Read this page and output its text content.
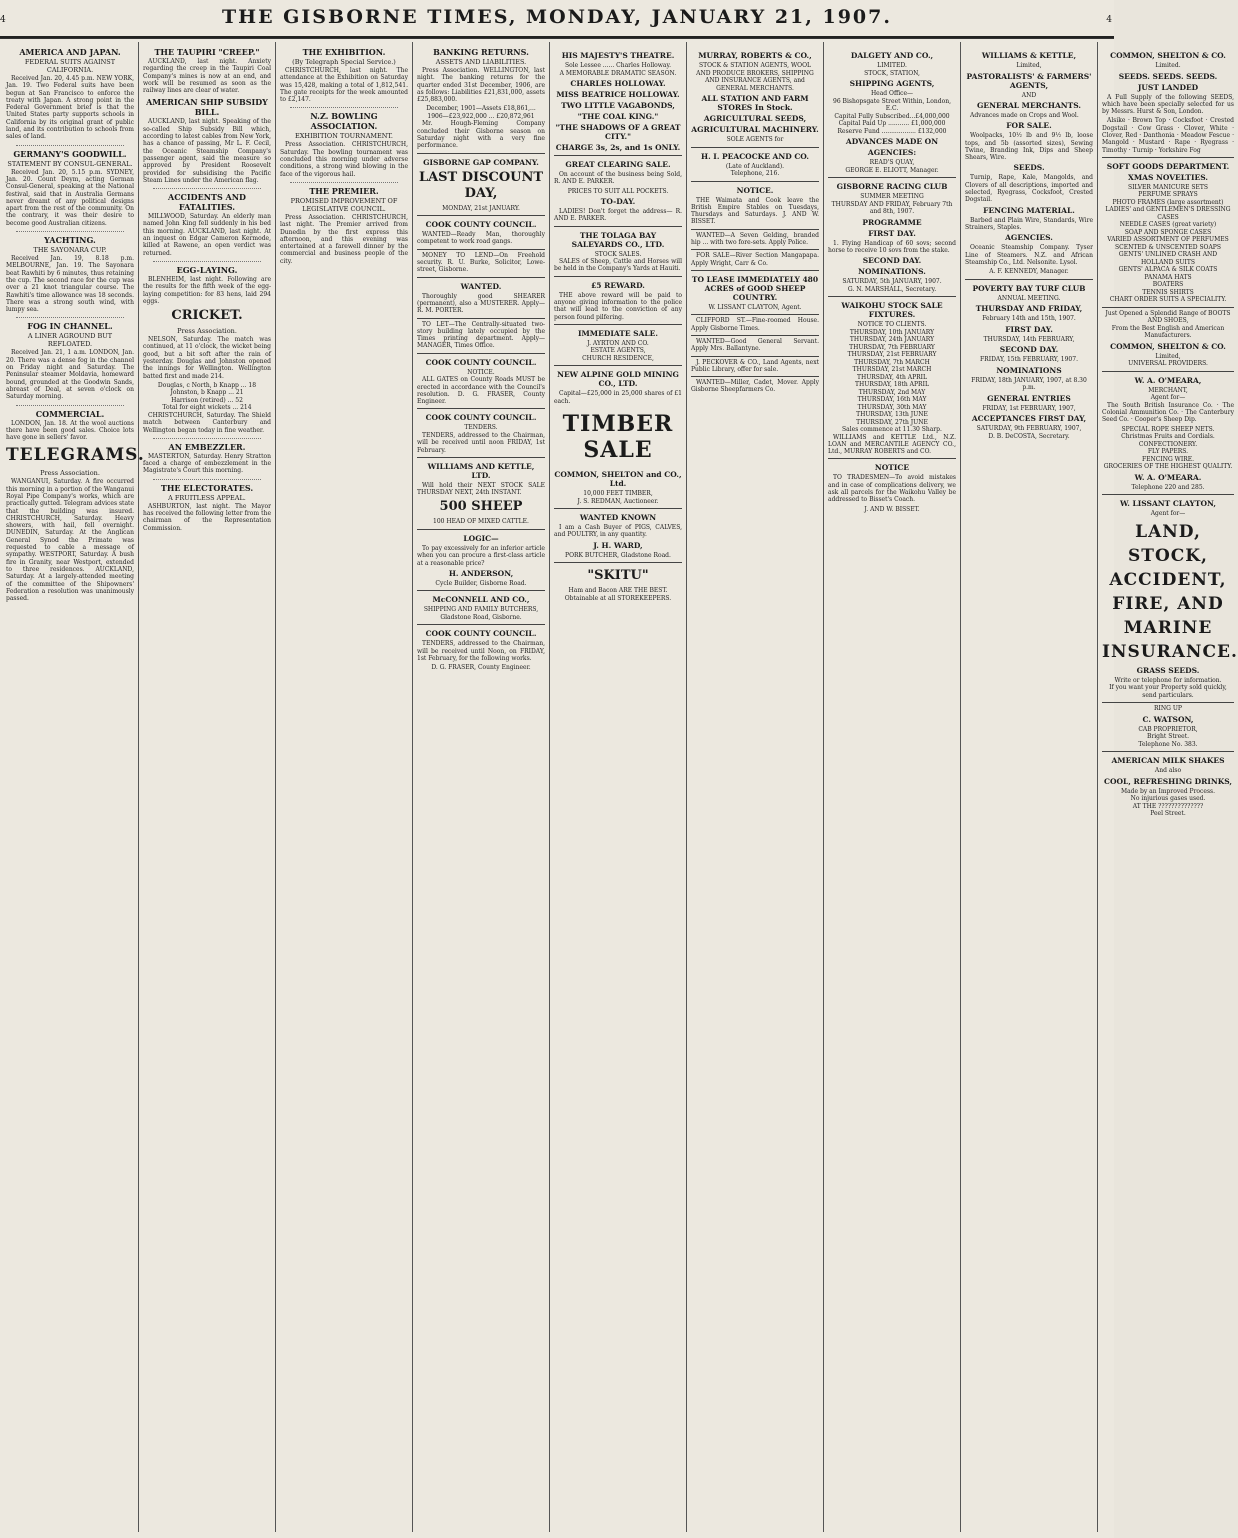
4	THE GISBORNE TIMES, MONDAY, JANUARY 21, 1907.	4
AMERICA AND JAPAN.
FEDERAL SUITS AGAINST CALIFORNIA.

Received Jan. 20, 4.45 p.m. NEW YORK, Jan. 19. Two Federal suits have been begun at San Francisco to enforce the treaty with Japan. A strong point in the Federal Government brief is that the United States party supports schools in California by its original grant of public land, and its contribution to schools from sales of land.

GERMANY'S GOODWILL.
STATEMENT BY CONSUL-GENERAL.

Received Jan. 20, 5.15 p.m. SYDNEY, Jan. 20. Count Deym, acting German Consul-General, speaking at the National festival, said that in Australia Germans never dreamt of any political designs apart from the rest of the community. On the contrary, it was their desire to become good Australian citizens.

YACHTING.
THE SAYONARA CUP.

Received Jan. 19, 8.18 p.m. MELBOURNE, Jan. 19. The Sayonara beat Rawhiti by 6 minutes, thus retaining the cup. The second race for the cup was over a 21 knot triangular course. The Rawhiti's time allowance was 18 seconds. There was a strong south wind, with lumpy sea.

FOG IN CHANNEL.
A LINER AGROUND BUT REFLOATED.

Received Jan. 21, 1 a.m. LONDON, Jan. 20. There was a dense fog in the channel on Friday night and Saturday. The Peninsular steamer Moldavia, homeward bound, grounded at the Goodwin Sands, abreast of Deal, at seven o'clock on Saturday morning.

COMMERCIAL.

LONDON, Jan. 18. At the wool auctions there have been good sales. Choice lots have gone in sellers' favor.

TELEGRAMS.
Press Association.

WANGANUI, Saturday. A fire occurred this morning in a portion of the Wanganui Royal Pipe Company's works, which are practically gutted. Telegram advices state that the building was insured. CHRISTCHURCH, Saturday. Heavy showers, with hail, fell overnight. DUNEDIN, Saturday. At the Anglican General Synod the Primate was requested to cable a message of sympathy. WESTPORT, Saturday. A bush fire in Granity, near Westport, extended to three residences. AUCKLAND, Saturday. At a largely-attended meeting of the committee of the Shipowners' Federation a resolution was unanimously passed.

THE TAUPIRI "CREEP."

AUCKLAND, last night. Anxiety regarding the creep in the Taupiri Coal Company's mines is now at an end, and work will be resumed as soon as the railway lines are clear of water.

AMERICAN SHIP SUBSIDY BILL.

AUCKLAND, last night. Speaking of the so-called Ship Subsidy Bill which, according to latest cables from New York, has a chance of passing, Mr L. F. Cecil, the Oceanic Steamship Company's passenger agent, said the measure so approved by President Roosevelt provided for subsidising the Pacific Steam Lines under the American flag.

ACCIDENTS AND FATALITIES.

MILLWOOD, Saturday. An elderly man named John King fell suddenly in his bed this morning. AUCKLAND, last night. At an inquest on Edgar Cameron Kermode, killed at Rawene, an open verdict was returned.

EGG-LAYING.

BLENHEIM, last night. Following are the results for the fifth week of the egg-laying competition: for 83 hens, laid 294 eggs.

CRICKET.
Press Association.

NELSON, Saturday. The match was continued, at 11 o'clock, the wicket being good, but a bit soft after the rain of yesterday. Douglas and Johnston opened the innings for Wellington. Wellington batted first and made 214.

Douglas, c North, b Knapp ... 18
Johnston, b Knapp ... 21
Harrison (retired) ... 52
Total for eight wickets ... 214

CHRISTCHURCH, Saturday. The Shield match between Canterbury and Wellington began today in fine weather.

AN EMBEZZLER.

MASTERTON, Saturday. Henry Stratton faced a charge of embezzlement in the Magistrate's Court this morning.

THE ELECTORATES.
A FRUITLESS APPEAL.

ASHBURTON, last night. The Mayor has received the following letter from the chairman of the Representation Commission.

THE EXHIBITION.
(By Telegraph Special Service.)

CHRISTCHURCH, last night. The attendance at the Exhibition on Saturday was 15,428, making a total of 1,812,541. The gate receipts for the week amounted to £2,147.

N.Z. BOWLING ASSOCIATION.
EXHIBITION TOURNAMENT.

Press Association. CHRISTCHURCH, Saturday. The bowling tournament was concluded this morning under adverse conditions, a strong wind blowing in the face of the vigorous hail.

THE PREMIER.
PROMISED IMPROVEMENT OF LEGISLATIVE COUNCIL.

Press Association. CHRISTCHURCH, last night. The Premier arrived from Dunedin by the first express this afternoon, and this evening was entertained at a farewell dinner by the commercial and business people of the city.

BANKING RETURNS.
ASSETS AND LIABILITIES.

Press Association. WELLINGTON, last night. The banking returns for the quarter ended 31st December, 1906, are as follows: Liabilities £21,831,000, assets £25,883,000.

December, 1901—Assets £18,861,...
1906—£23,922,000 ... £20,872,961

Mr. Hough-Fleming Company concluded their Gisborne season on Saturday night with a very fine performance.

GISBORNE GAP COMPANY.
LAST DISCOUNT DAY,
MONDAY, 21st JANUARY.
COOK COUNTY COUNCIL.

WANTED—Ready Man, thoroughly competent to work road gangs.

MONEY TO LEND—On Freehold security. R. U. Burke, Solicitor, Lowe-street, Gisborne.

WANTED.

Thoroughly good SHEARER (permanent), also a MUSTERER. Apply— R. M. PORTER.

TO LET—The Centrally-situated two-story building lately occupied by the Times printing department. Apply— MANAGER, Times Office.

COOK COUNTY COUNCIL.
NOTICE.

ALL GATES on County Roads MUST be erected in accordance with the Council's resolution. D. G. FRASER, County Engineer.

COOK COUNTY COUNCIL.
TENDERS.

TENDERS, addressed to the Chairman, will be received until noon FRIDAY, 1st February.

WILLIAMS AND KETTLE, LTD.

Will hold their NEXT STOCK SALE THURSDAY NEXT, 24th INSTANT.

500 SHEEP
100 HEAD OF MIXED CATTLE.
LOGIC—

To pay excessively for an inferior article when you can procure a first-class article at a reasonable price?

H. ANDERSON,
Cycle Builder, Gisborne Road.
McCONNELL AND CO.,
SHIPPING AND FAMILY BUTCHERS,
Gladstone Road, Gisborne.
COOK COUNTY COUNCIL.

TENDERS, addressed to the Chairman, will be received until Noon, on FRIDAY, 1st February, for the following works.

D. G. FRASER, County Engineer.
HIS MAJESTY'S THEATRE.
Sole Lessee ...... Charles Holloway.
A MEMORABLE DRAMATIC SEASON.
CHARLES HOLLOWAY.
MISS BEATRICE HOLLOWAY.
TWO LITTLE VAGABONDS,
"THE COAL KING."
"THE SHADOWS OF A GREAT CITY."
CHARGE 3s, 2s, and 1s ONLY.
GREAT CLEARING SALE.

On account of the business being Sold, R. AND E. PARKER.

PRICES TO SUIT ALL POCKETS.
TO-DAY.

LADIES! Don't forget the address— R. AND E. PARKER.

THE TOLAGA BAY SALEYARDS CO., LTD.
STOCK SALES.

SALES of Sheep, Cattle and Horses will be held in the Company's Yards at Hauiti.

£5 REWARD.

THE above reward will be paid to anyone giving information to the police that will lead to the conviction of any person found pilfering.

IMMEDIATE SALE.
J. AYRTON AND CO.
ESTATE AGENTS,
CHURCH RESIDENCE,
NEW ALPINE GOLD MINING CO., LTD.

Capital—£25,000 in 25,000 shares of £1 each.

TIMBER SALE
COMMON, SHELTON and CO., Ltd.
10,000 FEET TIMBER,
J. S. REDMAN, Auctioneer.
WANTED KNOWN

I am a Cash Buyer of PIGS, CALVES, and POULTRY, in any quantity.

J. H. WARD,
PORK BUTCHER, Gladstone Road.
"SKITU"
Ham and Bacon ARE THE BEST.
Obtainable at all STOREKEEPERS.
MURRAY, ROBERTS & CO.,
STOCK & STATION AGENTS, WOOL AND PRODUCE BROKERS, SHIPPING AND INSURANCE AGENTS, and GENERAL MERCHANTS.
ALL STATION AND FARM STORES In Stock.
AGRICULTURAL SEEDS,
AGRICULTURAL MACHINERY.
SOLE AGENTS for
H. I. PEACOCKE AND CO.
(Late of Auckland).
Telephone, 216.
NOTICE.

THE Waimata and Cook leave the British Empire Stables on Tuesdays, Thursdays and Saturdays. J. AND W. BISSET.

WANTED—A Seven Gelding, branded hip ... with two fore-sets. Apply Police.

FOR SALE—River Section Mangapapa. Apply Wright, Carr & Co.

TO LEASE IMMEDIATELY 480 ACRES of GOOD SHEEP COUNTRY.
W. LISSANT CLAYTON, Agent.

CLIFFORD ST.—Fine-roomed House. Apply Gisborne Times.

WANTED—Good General Servant. Apply Mrs. Ballantyne.

J. PECKOVER & CO., Land Agents, next Public Library, offer for sale.

WANTED—Miller, Cadet, Mover. Apply Gisborne Sheepfarmers Co.

DALGETY AND CO.,
LIMITED.
STOCK, STATION,
SHIPPING AGENTS,
Head Office—
96 Bishopsgate Street Within, London, E.C.
Capital Fully Subscribed...£4,000,000
Capital Paid Up ........... £1,000,000
Reserve Fund .................. £132,000
ADVANCES MADE ON
AGENCIES:
READ'S QUAY,
GEORGE E. ELIOTT, Manager.
GISBORNE RACING CLUB
SUMMER MEETING
THURSDAY AND FRIDAY, February 7th and 8th, 1907.
PROGRAMME
FIRST DAY.

1. Flying Handicap of 60 sovs; second horse to receive 10 sovs from the stake.

SECOND DAY.
NOMINATIONS.
SATURDAY, 5th JANUARY, 1907.
G. N. MARSHALL, Secretary.
WAIKOHU STOCK SALE FIXTURES.
NOTICE TO CLIENTS.
THURSDAY, 10th JANUARY
THURSDAY, 24th JANUARY
THURSDAY, 7th FEBRUARY
THURSDAY, 21st FEBRUARY
THURSDAY, 7th MARCH
THURSDAY, 21st MARCH
THURSDAY, 4th APRIL
THURSDAY, 18th APRIL
THURSDAY, 2nd MAY
THURSDAY, 16th MAY
THURSDAY, 30th MAY
THURSDAY, 13th JUNE
THURSDAY, 27th JUNE
Sales commence at 11.30 Sharp.

WILLIAMS and KETTLE Ltd., N.Z. LOAN and MERCANTILE AGENCY CO., Ltd., MURRAY ROBERTS and CO.

NOTICE

TO TRADESMEN—To avoid mistakes and in case of complications delivery, we ask all parcels for the Waikohu Valley be addressed to Bisset's Coach.

J. AND W. BISSET.
WILLIAMS & KETTLE,
Limited,
PASTORALISTS' & FARMERS' AGENTS,
AND
GENERAL MERCHANTS.

Advances made on Crops and Wool.

FOR SALE.

Woolpacks, 10½ lb and 9½ lb, loose tops, and 5b (assorted sizes), Sewing Twine, Branding Ink, Dips and Sheep Shears, Wire.

SEEDS.

Turnip, Rape, Kale, Mangolds, and Clovers of all descriptions, imported and selected, Ryegrass, Cocksfoot, Crested Dogstail.

FENCING MATERIAL.

Barbed and Plain Wire, Standards, Wire Strainers, Staples.

AGENCIES.

Oceanic Steamship Company. Tyser Line of Steamers. N.Z. and African Steamship Co., Ltd. Nelsonite. Lysol.

A. F. KENNEDY, Manager.
POVERTY BAY TURF CLUB
ANNUAL MEETING.
THURSDAY AND FRIDAY,
February 14th and 15th, 1907.
FIRST DAY.
THURSDAY, 14th FEBRUARY,
SECOND DAY.
FRIDAY, 15th FEBRUARY, 1907.
NOMINATIONS
FRIDAY, 18th JANUARY, 1907, at 8.30 p.m.
GENERAL ENTRIES
FRIDAY, 1st FEBRUARY, 1907,
ACCEPTANCES FIRST DAY,
SATURDAY, 9th FEBRUARY, 1907,
D. B. DeCOSTA, Secretary.
COMMON, SHELTON & CO.
Limited.
SEEDS. SEEDS. SEEDS.
JUST LANDED

A Full Supply of the following SEEDS, which have been specially selected for us by Messrs. Hurst & Son, London.

Alsike · Brown Top · Cocksfoot · Crested Dogstail · Cow Grass · Clover, White · Clover, Red · Danthonia · Meadow Fescue · Mangold · Mustard · Rape · Ryegrass · Timothy · Turnip · Yorkshire Fog

SOFT GOODS DEPARTMENT.
XMAS NOVELTIES.
SILVER MANICURE SETS
PERFUME SPRAYS
PHOTO FRAMES (large assortment)
LADIES' and GENTLEMEN'S DRESSING CASES
NEEDLE CASES (great variety)
SOAP AND SPONGE CASES
VARIED ASSORTMENT OF PERFUMES
SCENTED & UNSCENTED SOAPS
GENTS' UNLINED CRASH AND HOLLAND SUITS
GENTS' ALPACA & SILK COATS
PANAMA HATS
BOATERS
TENNIS SHIRTS
CHART ORDER SUITS A SPECIALITY.
Just Opened a Splendid Range of BOOTS AND SHOES,
From the Best English and American Manufacturers.
COMMON, SHELTON & CO.
Limited,
UNIVERSAL PROVIDERS.
W. A. O'MEARA,
MERCHANT,
Agent for—

The South British Insurance Co. · The Colonial Ammunition Co. · The Canterbury Seed Co. · Cooper's Sheep Dip.

SPECIAL ROPE SHEEP NETS.
Christmas Fruits and Cordials.
CONFECTIONERY.
FLY PAPERS.
FENCING WIRE.
GROCERIES OF THE HIGHEST QUALITY.
W. A. O'MEARA.
Telephone 220 and 285.
W. LISSANT CLAYTON,
Agent for—
LAND,
STOCK,
ACCIDENT,
FIRE, AND
MARINE
INSURANCE.
GRASS SEEDS.
Write or telephone for information.
If you want your Property sold quickly, send particulars.
RING UP
C. WATSON,
CAB PROPRIETOR,
Bright Street.
Telephone No. 383.
AMERICAN MILK SHAKES
And also
COOL, REFRESHING DRINKS,
Made by an Improved Process.
No injurious gases used.
AT THE ??????????????
Peel Street.
